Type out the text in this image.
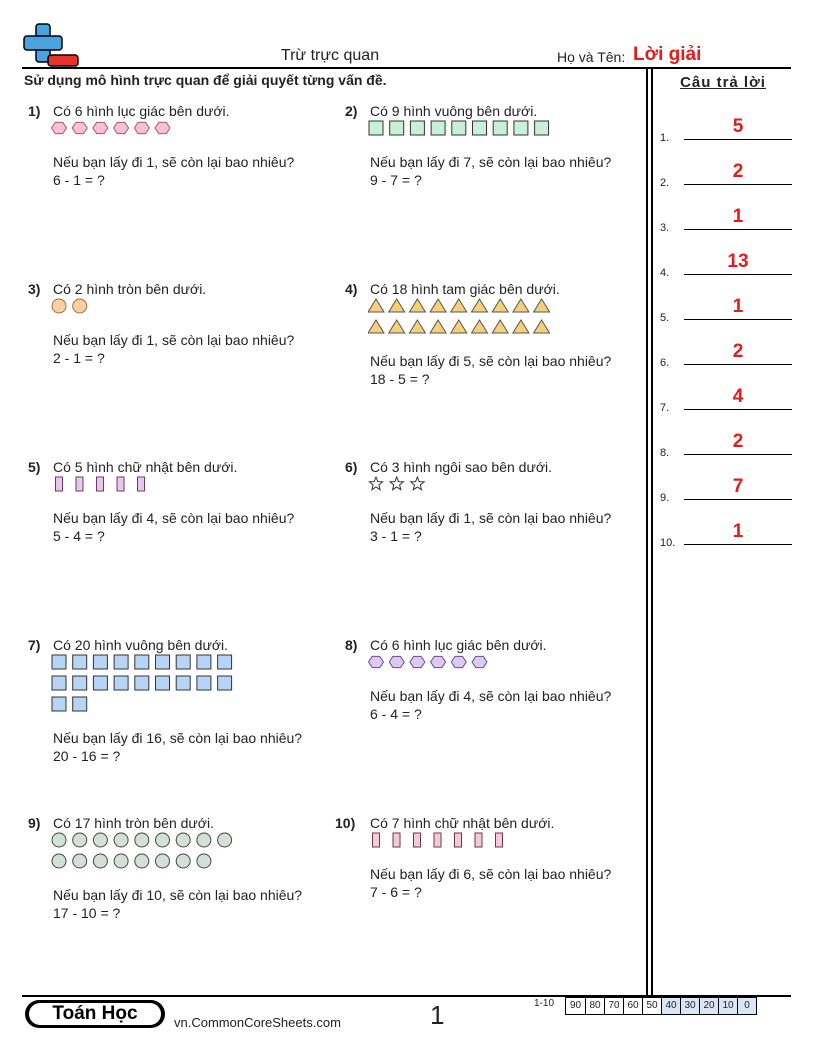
Trừ trực quan	Họ và Tên: Lời giải
Sử dụng mô hình trực quan để giải quyết từng vấn đề.	Câu trả lời
1.
5
2.
2
3.
1
4.
13
5.
1
6.
2
7.
4
8.
2
9.
7
10.
1
1) Có 6 hình lục giác bên dưới.
Nếu bạn lấy đi 1, sẽ còn lại bao nhiêu?
6 - 1 = ?
2) Có 9 hình vuông bên dưới.
Nếu bạn lấy đi 7, sẽ còn lại bao nhiêu?
9 - 7 = ?
3) Có 2 hình tròn bên dưới.
Nếu bạn lấy đi 1, sẽ còn lại bao nhiêu?
2 - 1 = ?
4) Có 18 hình tam giác bên dưới.
Nếu bạn lấy đi 5, sẽ còn lại bao nhiêu?
18 - 5 = ?
5) Có 5 hình chữ nhật bên dưới.
Nếu bạn lấy đi 4, sẽ còn lại bao nhiêu?
5 - 4 = ?
6) Có 3 hình ngôi sao bên dưới.
Nếu bạn lấy đi 1, sẽ còn lại bao nhiêu?
3 - 1 = ?
7) Có 20 hình vuông bên dưới.
Nếu bạn lấy đi 16, sẽ còn lại bao nhiêu?
20 - 16 = ?
8) Có 6 hình lục giác bên dưới.
Nếu bạn lấy đi 4, sẽ còn lại bao nhiêu?
6 - 4 = ?
9) Có 17 hình tròn bên dưới.
Nếu bạn lấy đi 10, sẽ còn lại bao nhiêu?
17 - 10 = ?
10) Có 7 hình chữ nhật bên dưới.
Nếu bạn lấy đi 6, sẽ còn lại bao nhiêu?
7 - 6 = ?
Toán Học	vn.CommonCoreSheets.com	1	1-10	90 80 70 60 50 40 30 20 10	0
